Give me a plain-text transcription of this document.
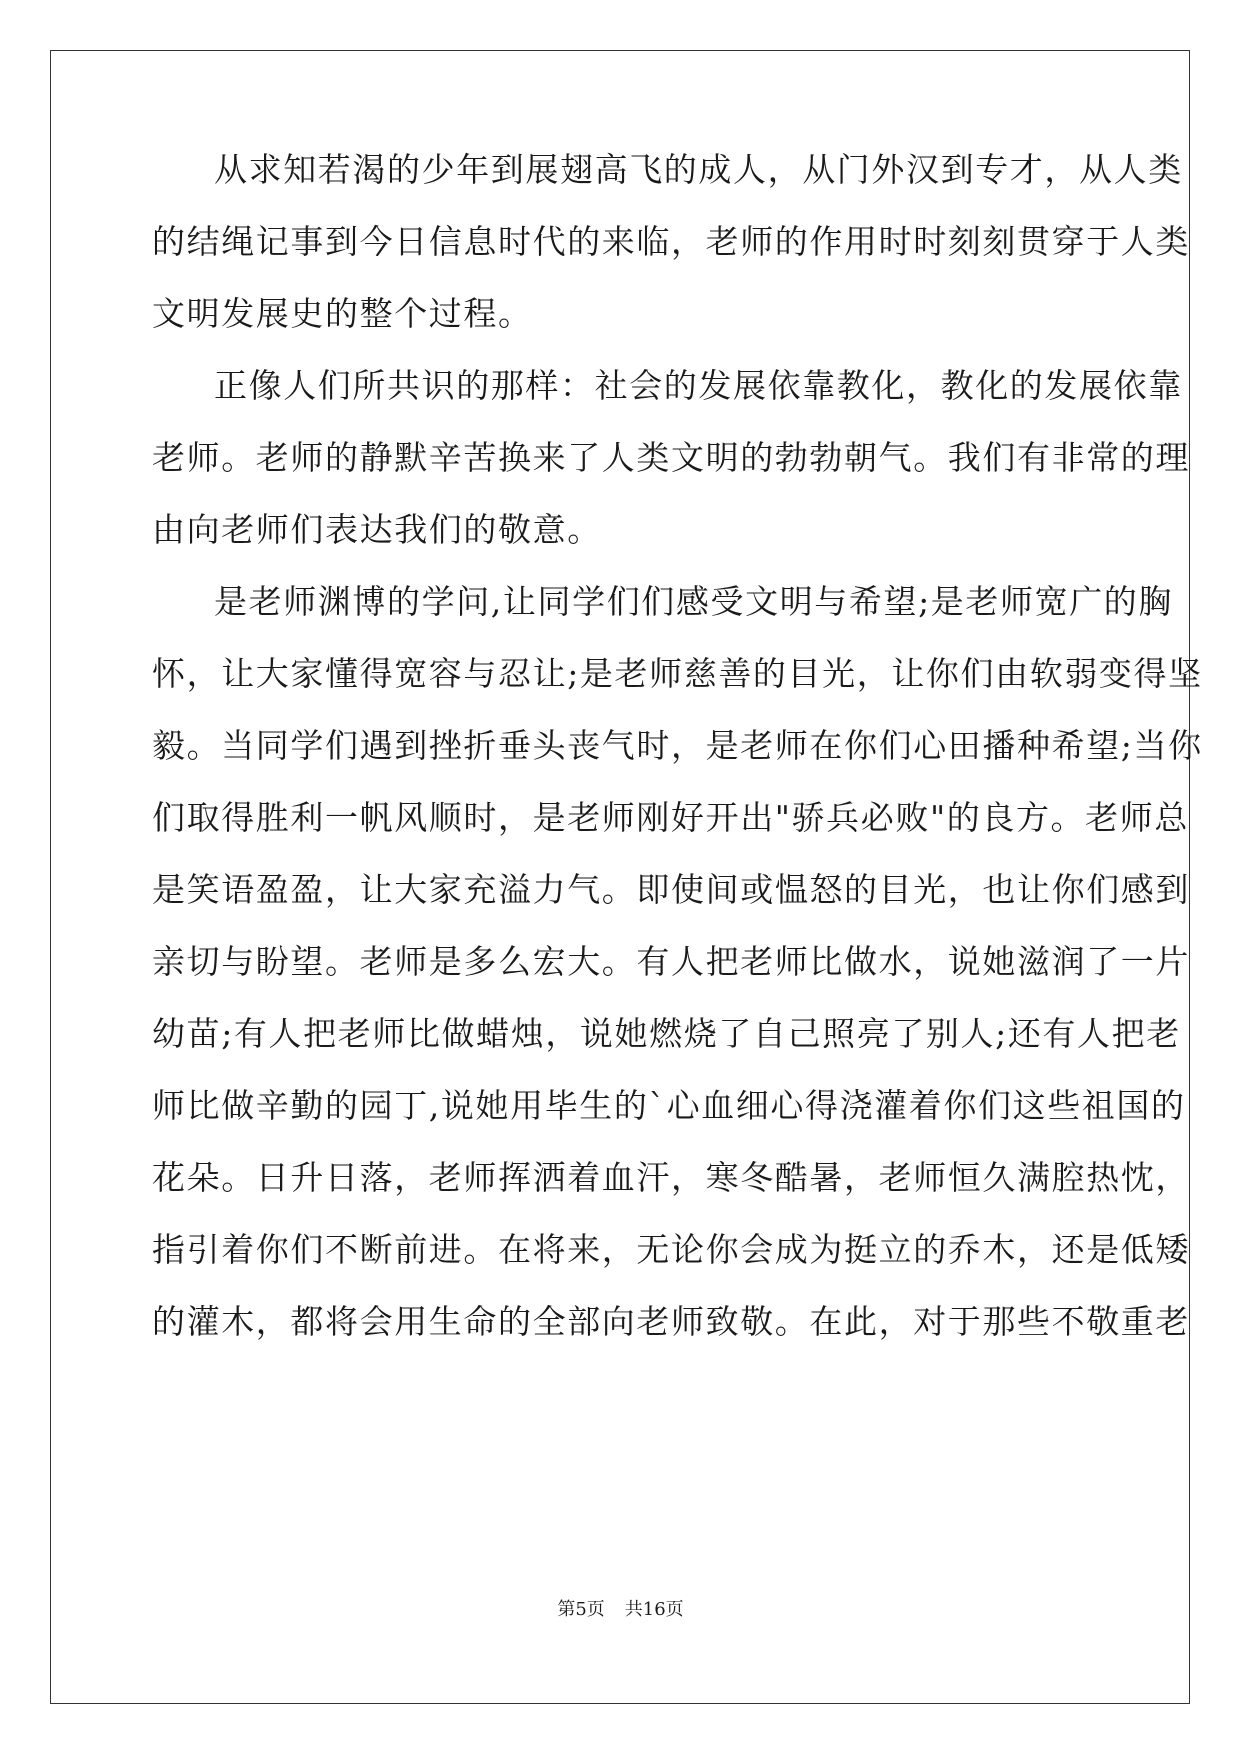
从求知若渴的少年到展翅高飞的成人，从门外汉到专才，从人类
的结绳记事到今日信息时代的来临，老师的作用时时刻刻贯穿于人类
文明发展史的整个过程。
正像人们所共识的那样：社会的发展依靠教化，教化的发展依靠
老师。老师的静默辛苦换来了人类文明的勃勃朝气。我们有非常的理
由向老师们表达我们的敬意。
是老师渊博的学问,让同学们们感受文明与希望;是老师宽广的胸
怀，让大家懂得宽容与忍让;是老师慈善的目光，让你们由软弱变得坚
毅。当同学们遇到挫折垂头丧气时，是老师在你们心田播种希望;当你
们取得胜利一帆风顺时，是老师刚好开出"骄兵必败"的良方。老师总
是笑语盈盈，让大家充溢力气。即使间或愠怒的目光，也让你们感到
亲切与盼望。老师是多么宏大。有人把老师比做水，说她滋润了一片
幼苗;有人把老师比做蜡烛，说她燃烧了自己照亮了别人;还有人把老
师比做辛勤的园丁,说她用毕生的`心血细心得浇灌着你们这些祖国的
花朵。日升日落，老师挥洒着血汗，寒冬酷暑，老师恒久满腔热忱，
指引着你们不断前进。在将来，无论你会成为挺立的乔木，还是低矮
的灌木，都将会用生命的全部向老师致敬。在此，对于那些不敬重老
第5页 共16页
